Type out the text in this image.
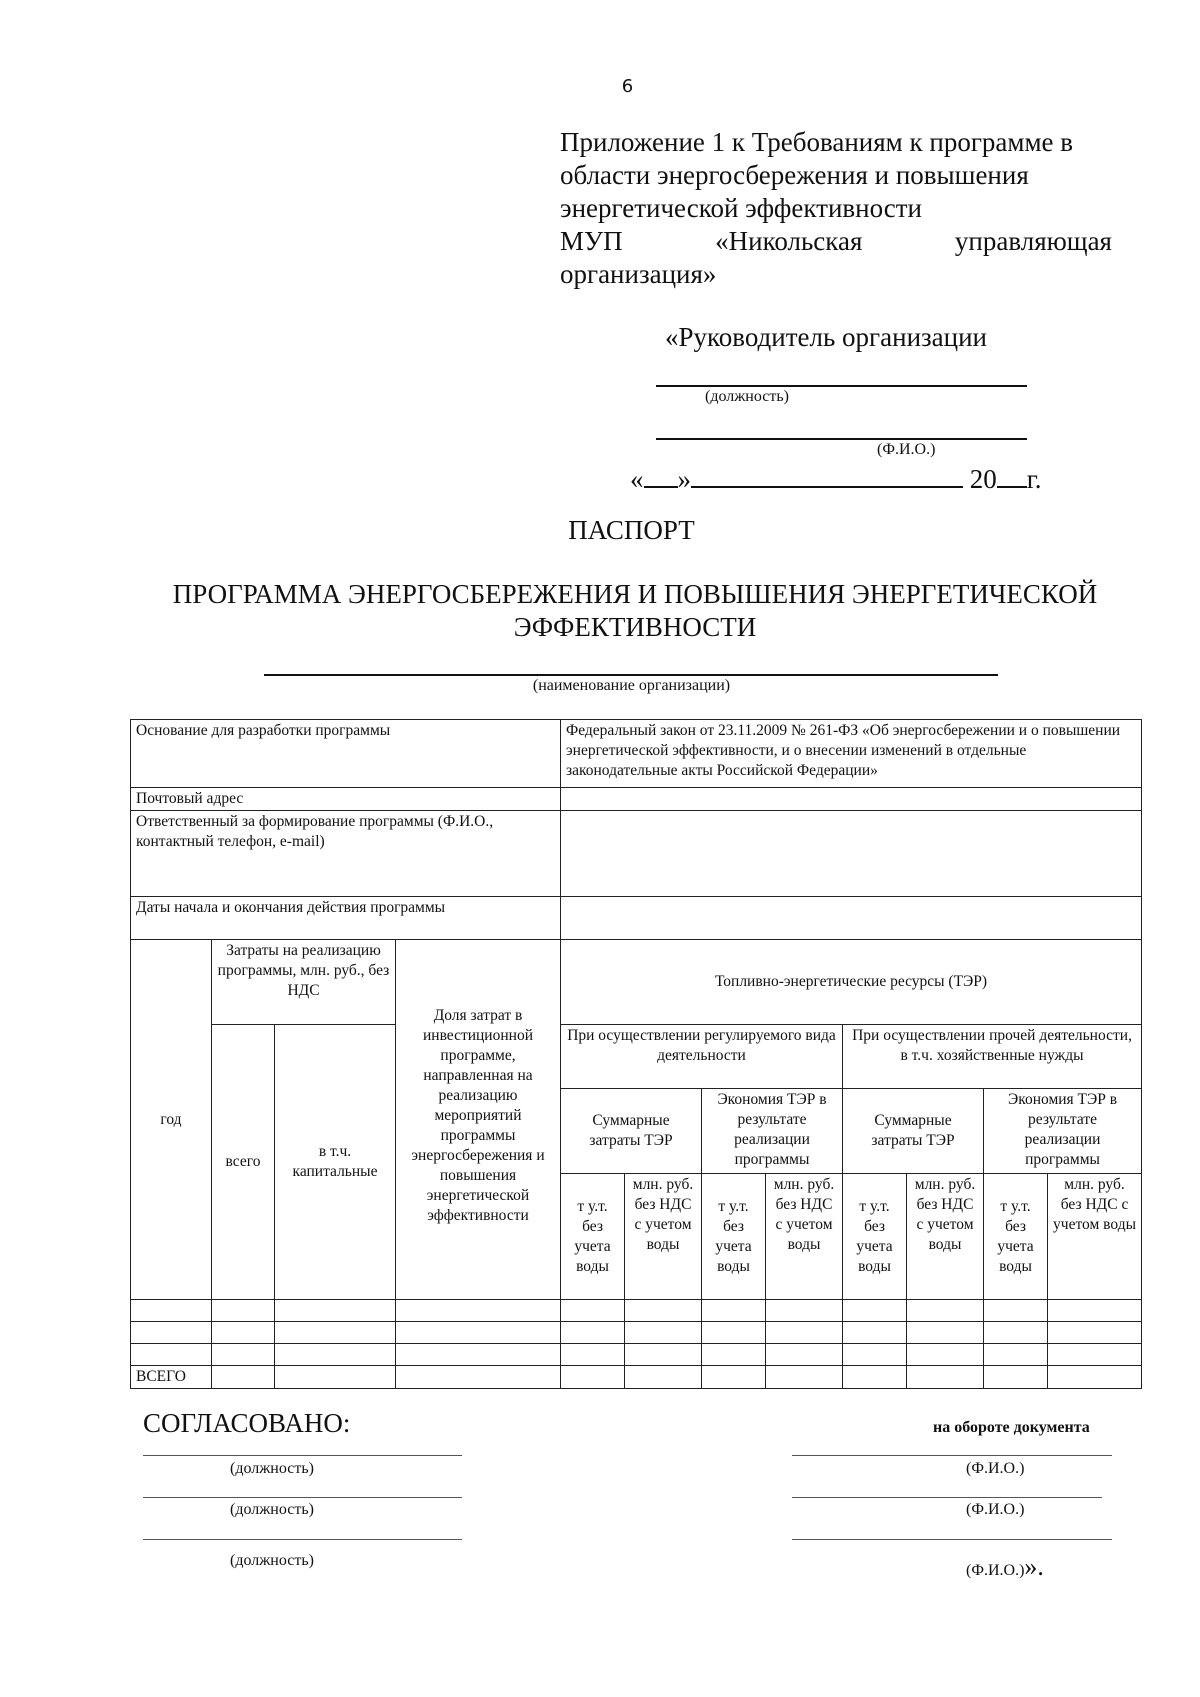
6
Приложение 1 к Требованиям к программе в
области энергосбережения и повышения
энергетической эффективности
МУП	«Никольская	управляющая
организация»
«Руководитель организации
(должность)
(Ф.И.О.)
« »	20 г.
ПАСПОРТ
ПРОГРАММА ЭНЕРГОСБЕРЕЖЕНИЯ И ПОВЫШЕНИЯ ЭНЕРГЕТИЧЕСКОЙ
ЭФФЕКТИВНОСТИ
(наименование организации)
Основание для разработки программы				Федеральный закон от 23.11.2009 № 261-ФЗ «Об энергосбережении и о повышении энергетической эффективности, и о внесении изменений в отдельные законодательные акты Российской Федерации»							
Почтовый адрес											
Ответственный за формирование программы (Ф.И.О., контактный телефон, e-mail)											
Даты начала и окончания действия программы											
год	Затраты на реализацию программы, млн. руб., без НДС		Доля затрат в инвестиционной программе, направленная на реализацию мероприятий программы энергосбережения и повышения энергетической эффективности	Топливно-энергетические ресурсы (ТЭР)							
	всего	в т.ч. капитальные		При осуществлении регулируемого вида деятельности				При осуществлении прочей деятельности, в т.ч. хозяйственные нужды			
				Суммарные затраты ТЭР		Экономия ТЭР в результате реализации программы		Суммарные затраты ТЭР		Экономия ТЭР в результате реализации программы	

				т у.т. без учета воды	млн. руб. без НДС с учетом воды	т у.т. без учета воды	млн. руб. без НДС с учетом воды	т у.т. без учета воды	млн. руб. без НДС с учетом воды	т у.т. без учета воды	млн. руб. без НДС с учетом воды

ВСЕГО											
СОГЛАСОВАНО:	на обороте документа
(должность)	(Ф.И.О.)
(должность)	(Ф.И.О.)
(должность)
(Ф.И.О.)».
